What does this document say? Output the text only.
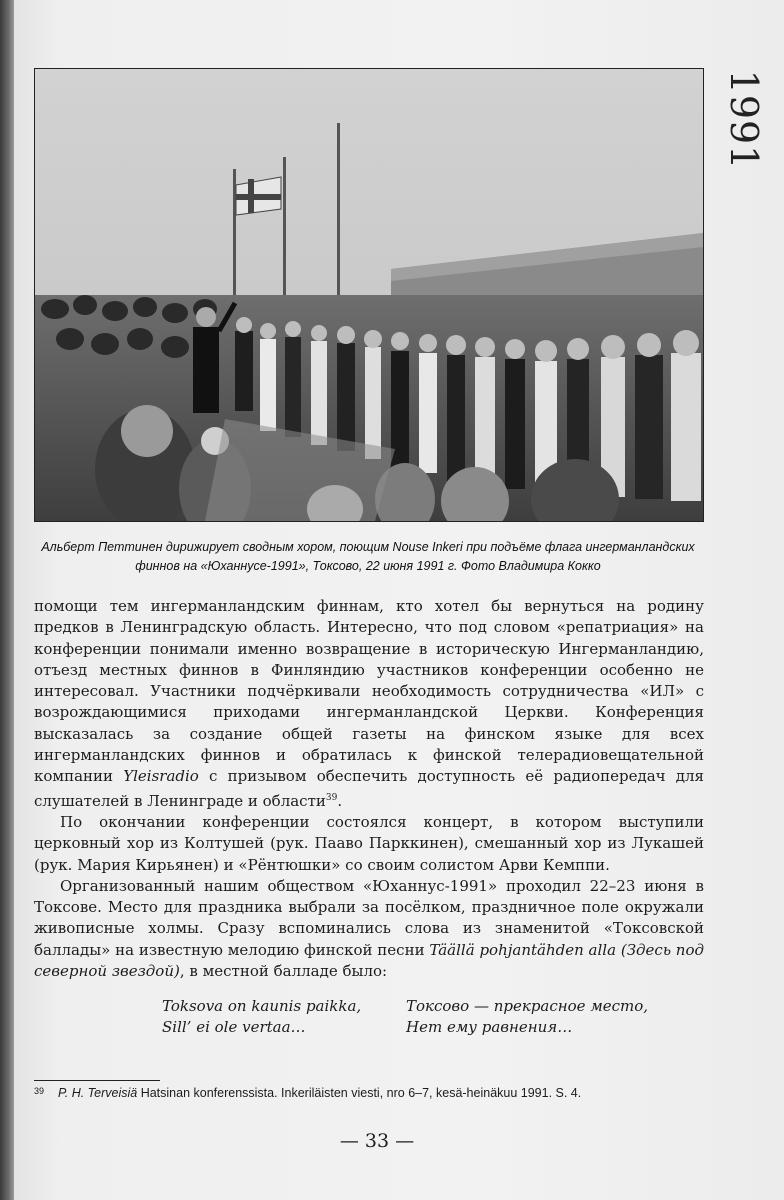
1991

Альберт Петтинен дирижирует сводным хором, поющим Nouse Inkeri при подъёме флага ингерманландских

финнов на «Юханнусе-1991», Токсово, 22 июня 1991 г. Фото Владимира Кокко

помощи тем ингерманландским финнам, кто хотел бы вернуться на родину предков в Ленинградскую область. Интересно, что под словом «репатриация» на конференции понимали именно возвращение в историческую Ингерманландию, отъезд местных финнов в Финляндию участников конференции особенно не интересовал. Участники подчёркивали необходимость сотрудничества «ИЛ» с возрождающимися приходами ингерманландской Церкви. Конференция высказалась за создание общей газеты на финском языке для всех ингерманландских финнов и обратилась к финской телерадиовещательной компании Yleisradio с призывом обеспечить доступность её радиопередач для слушателей в Ленинграде и области$^{39}$.

По окончании конференции состоялся концерт, в котором выступили церковный хор из Колтушей (рук. Пааво Парккинен), смешанный хор из Лукашей (рук. Мария Кирьянен) и «Рёнтюшки» со своим солистом Арви Кемппи.

Организованный нашим обществом «Юханнус-1991» проходил 22–23 июня в Токсове. Место для праздника выбрали за посёлком, праздничное поле окружали живописные холмы. Сразу вспоминались слова из знаменитой «Токсовской баллады» на известную мелодию финской песни Täällä pohjantähden alla (Здесь под северной звездой), в местной балладе было:

Toksova on kaunis paikka,

Sill’ ei ole vertaa…

Токсово — прекрасное место,

Нет ему равнения…

$^{39}$ P. H. Terveisiä Hatsinan konferenssista. Inkeriläisten viesti, nro 6–7, kesä-heinäkuu 1991. S. 4.
— 33 —
